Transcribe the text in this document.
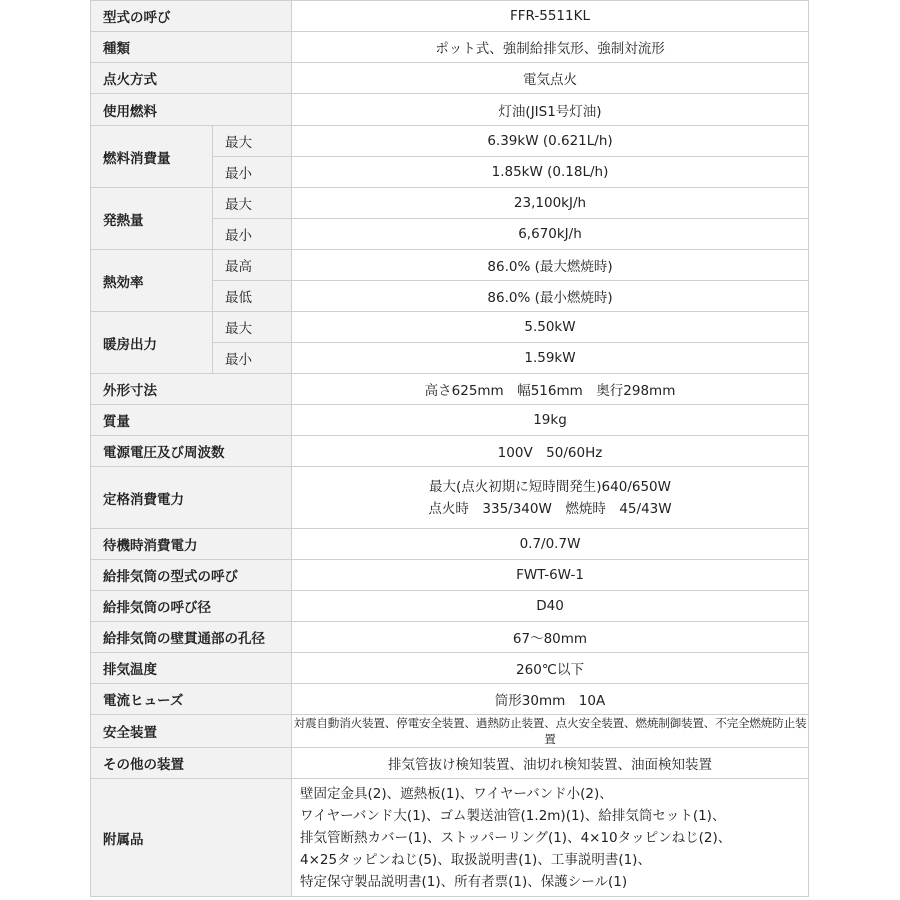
型式の呼び		FFR-5511KL
種類		ポット式、強制給排気形、強制対流形
点火方式		電気点火
使用燃料		灯油(JIS1号灯油)
燃料消費量	最大	6.39kW (0.621L/h)
	最小	1.85kW (0.18L/h)
発熱量	最大	23,100kJ/h
	最小	6,670kJ/h
熱効率	最高	86.0% (最大燃焼時)
	最低	86.0% (最小燃焼時)
暖房出力	最大	5.50kW
	最小	1.59kW
外形寸法		高さ625mm　幅516mm　奥行298mm
質量		19kg
電源電圧及び周波数		100V　50/60Hz
定格消費電力		最大(点火初期に短時間発生)640/650W
点火時　335/340W　燃焼時　45/43W

待機時消費電力		0.7/0.7W
給排気筒の型式の呼び		FWT-6W-1
給排気筒の呼び径		D40
給排気筒の壁貫通部の孔径		67〜80mm
排気温度		260℃以下
電流ヒューズ		筒形30mm　10A
安全装置		対震自動消火装置、停電安全装置、過熱防止装置、点火安全装置、燃焼制御装置、不完全燃焼防止装置
その他の装置		排気管抜け検知装置、油切れ検知装置、油面検知装置
附属品		壁固定金具(2)、遮熱板(1)、ワイヤーバンド小(2)、
ワイヤーバンド大(1)、ゴム製送油管(1.2m)(1)、給排気筒セット(1)、
排気管断熱カバー(1)、ストッパーリング(1)、4×10タッピンねじ(2)、
4×25タッピンねじ(5)、取扱説明書(1)、工事説明書(1)、
特定保守製品説明書(1)、所有者票(1)、保護シール(1)
